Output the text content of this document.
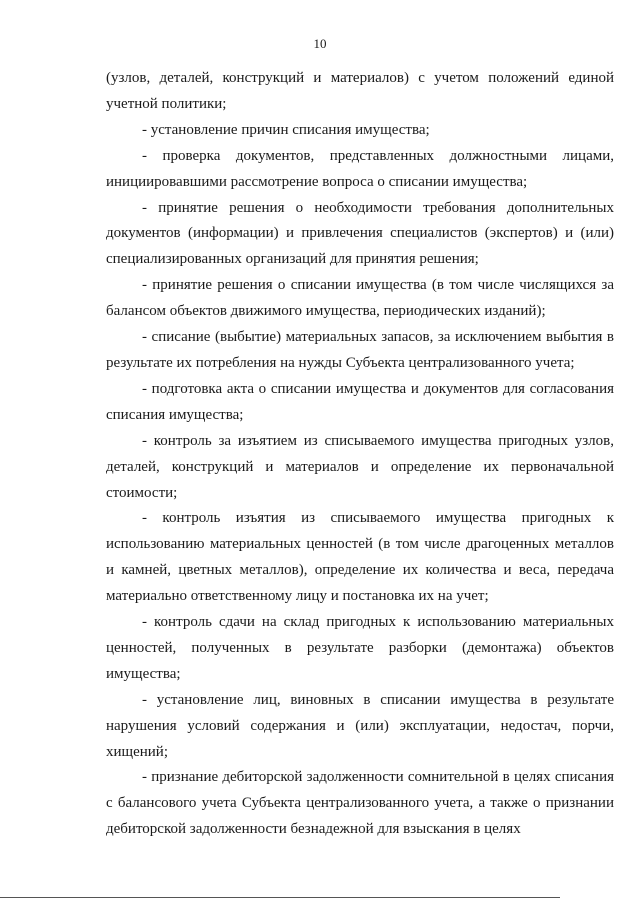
10

(узлов, деталей, конструкций и материалов) с учетом положений единой учетной политики;

- установление причин списания имущества;

- проверка документов, представленных должностными лицами, инициировавшими рассмотрение вопроса о списании имущества;

- принятие решения о необходимости требования дополнительных документов (информации) и привлечения специалистов (экспертов) и (или) специализированных организаций для принятия решения;

- принятие решения о списании имущества (в том числе числящихся за балансом объектов движимого имущества, периодических изданий);

- списание (выбытие) материальных запасов, за исключением выбытия в результате их потребления на нужды Субъекта централизованного учета;

- подготовка акта о списании имущества и документов для согласования списания имущества;

- контроль за изъятием из списываемого имущества пригодных узлов, деталей, конструкций и материалов и определение их первоначальной стоимости;

- контроль изъятия из списываемого имущества пригодных к использованию материальных ценностей (в том числе драгоценных металлов и камней, цветных металлов), определение их количества и веса, передача материально ответственному лицу и постановка их на учет;

- контроль сдачи на склад пригодных к использованию материальных ценностей, полученных в результате разборки (демонтажа) объектов имущества;

- установление лиц, виновных в списании имущества в результате нарушения условий содержания и (или) эксплуатации, недостач, порчи, хищений;

- признание дебиторской задолженности сомнительной в целях списания с балансового учета Субъекта централизованного учета, а также о признании дебиторской задолженности безнадежной для взыскания в целях
